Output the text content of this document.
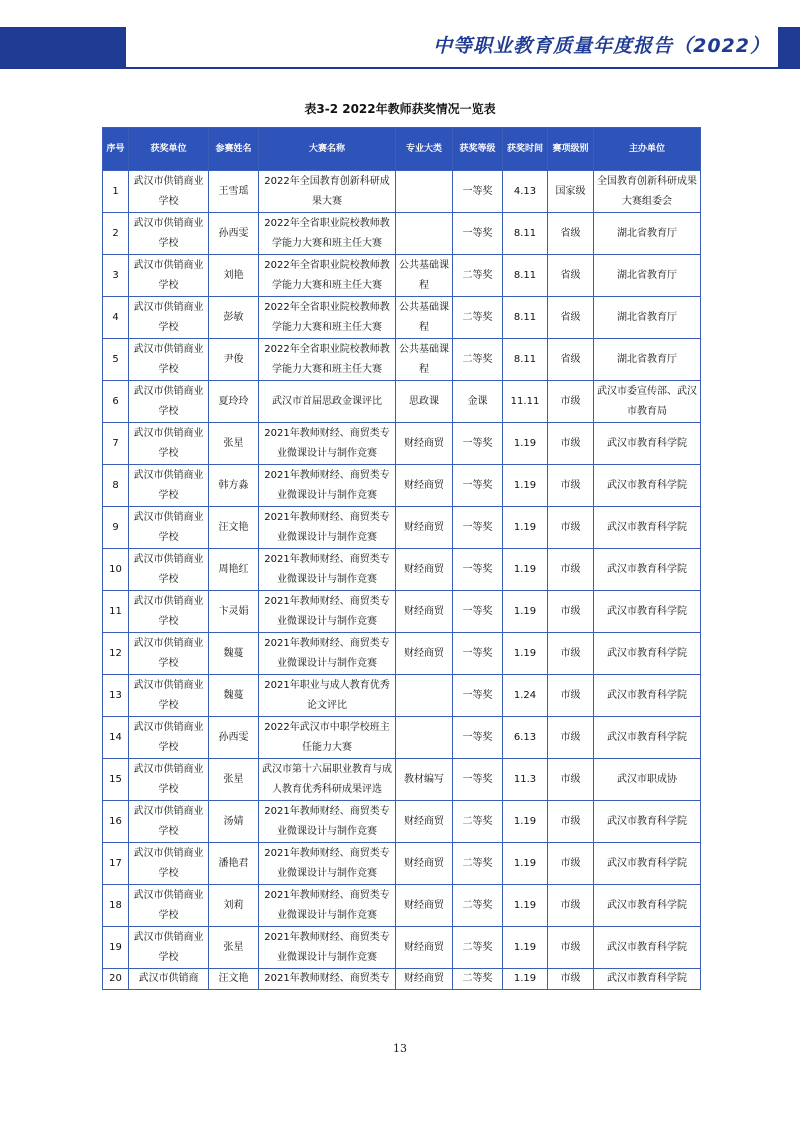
中等职业教育质量年度报告（2022）
表3-2 2022年教师获奖情况一览表
序号	获奖单位	参赛姓名	大赛名称	专业大类	获奖等级	获奖时间	赛项级别	主办单位
1	武汉市供销商业学校	王雪瑶	2022年全国教育创新科研成果大赛		一等奖	4.13	国家级	全国教育创新科研成果大赛组委会
2	武汉市供销商业学校	孙西雯	2022年全省职业院校教师教学能力大赛和班主任大赛		一等奖	8.11	省级	湖北省教育厅
3	武汉市供销商业学校	刘艳	2022年全省职业院校教师教学能力大赛和班主任大赛	公共基础课程	二等奖	8.11	省级	湖北省教育厅
4	武汉市供销商业学校	彭敏	2022年全省职业院校教师教学能力大赛和班主任大赛	公共基础课程	二等奖	8.11	省级	湖北省教育厅
5	武汉市供销商业学校	尹俊	2022年全省职业院校教师教学能力大赛和班主任大赛	公共基础课程	二等奖	8.11	省级	湖北省教育厅
6	武汉市供销商业学校	夏玲玲	武汉市首届思政金课评比	思政课	金课	11.11	市级	武汉市委宣传部、武汉市教育局
7	武汉市供销商业学校	张星	2021年教师财经、商贸类专业微课设计与制作竞赛	财经商贸	一等奖	1.19	市级	武汉市教育科学院
8	武汉市供销商业学校	韩方淼	2021年教师财经、商贸类专业微课设计与制作竞赛	财经商贸	一等奖	1.19	市级	武汉市教育科学院
9	武汉市供销商业学校	汪文艳	2021年教师财经、商贸类专业微课设计与制作竞赛	财经商贸	一等奖	1.19	市级	武汉市教育科学院
10	武汉市供销商业学校	周艳红	2021年教师财经、商贸类专业微课设计与制作竞赛	财经商贸	一等奖	1.19	市级	武汉市教育科学院
11	武汉市供销商业学校	卞灵娟	2021年教师财经、商贸类专业微课设计与制作竞赛	财经商贸	一等奖	1.19	市级	武汉市教育科学院
12	武汉市供销商业学校	魏蔓	2021年教师财经、商贸类专业微课设计与制作竞赛	财经商贸	一等奖	1.19	市级	武汉市教育科学院
13	武汉市供销商业学校	魏蔓	2021年职业与成人教育优秀论文评比		一等奖	1.24	市级	武汉市教育科学院
14	武汉市供销商业学校	孙西雯	2022年武汉市中职学校班主任能力大赛		一等奖	6.13	市级	武汉市教育科学院
15	武汉市供销商业学校	张星	武汉市第十六届职业教育与成人教育优秀科研成果评选	教材编写	一等奖	11.3	市级	武汉市职成协
16	武汉市供销商业学校	汤婧	2021年教师财经、商贸类专业微课设计与制作竞赛	财经商贸	二等奖	1.19	市级	武汉市教育科学院
17	武汉市供销商业学校	潘艳君	2021年教师财经、商贸类专业微课设计与制作竞赛	财经商贸	二等奖	1.19	市级	武汉市教育科学院
18	武汉市供销商业学校	刘莉	2021年教师财经、商贸类专业微课设计与制作竞赛	财经商贸	二等奖	1.19	市级	武汉市教育科学院
19	武汉市供销商业学校	张星	2021年教师财经、商贸类专业微课设计与制作竞赛	财经商贸	二等奖	1.19	市级	武汉市教育科学院
20	武汉市供销商	汪文艳	2021年教师财经、商贸类专	财经商贸	二等奖	1.19	市级	武汉市教育科学院
13
